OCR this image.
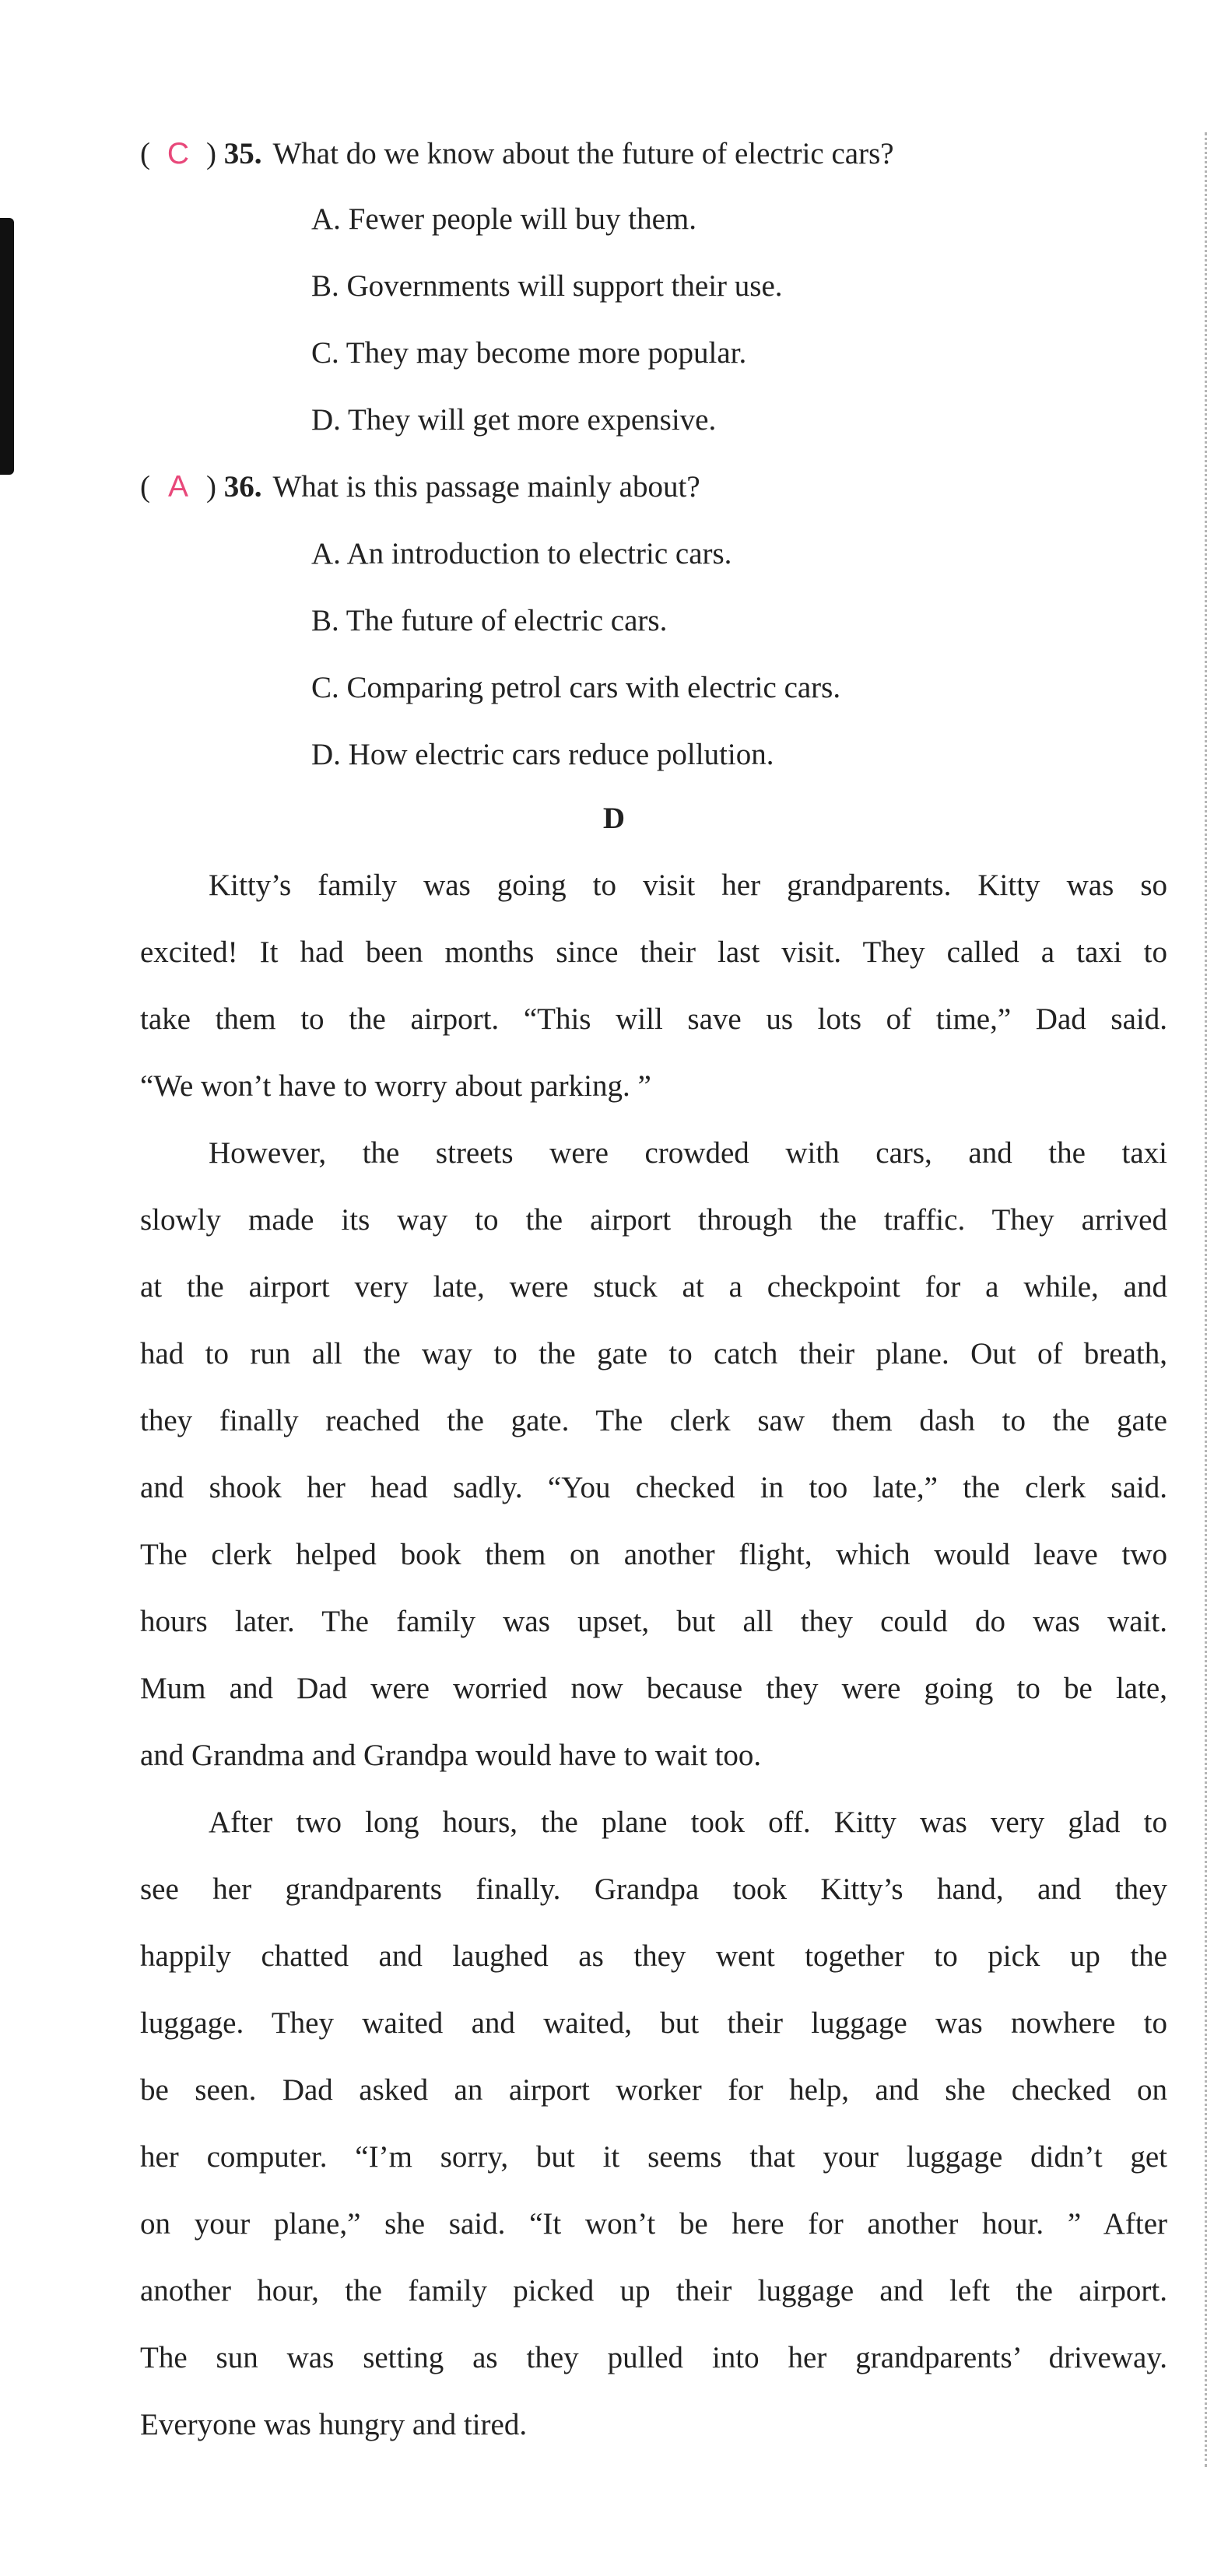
( C ) 35. What do we know about the future of electric cars?
A. Fewer people will buy them.
B. Governments will support their use.
C. They may become more popular.
D. They will get more expensive.
( A ) 36. What is this passage mainly about?
A. An introduction to electric cars.
B. The future of electric cars.
C. Comparing petrol cars with electric cars.
D. How electric cars reduce pollution.
D
Kitty’s family was going to visit her grandparents. Kitty was so
excited! It had been months since their last visit. They called a taxi to
take them to the airport. “This will save us lots of time,” Dad said.
“We won’t have to worry about parking. ”
However, the streets were crowded with cars, and the taxi
slowly made its way to the airport through the traffic. They arrived
at the airport very late, were stuck at a checkpoint for a while, and
had to run all the way to the gate to catch their plane. Out of breath,
they finally reached the gate. The clerk saw them dash to the gate
and shook her head sadly. “You checked in too late,” the clerk said.
The clerk helped book them on another flight, which would leave two
hours later. The family was upset, but all they could do was wait.
Mum and Dad were worried now because they were going to be late,
and Grandma and Grandpa would have to wait too.
After two long hours, the plane took off. Kitty was very glad to
see her grandparents finally. Grandpa took Kitty’s hand, and they
happily chatted and laughed as they went together to pick up the
luggage. They waited and waited, but their luggage was nowhere to
be seen. Dad asked an airport worker for help, and she checked on
her computer. “I’m sorry, but it seems that your luggage didn’t get
on your plane,” she said. “It won’t be here for another hour. ” After
another hour, the family picked up their luggage and left the airport.
The sun was setting as they pulled into her grandparents’ driveway.
Everyone was hungry and tired.
